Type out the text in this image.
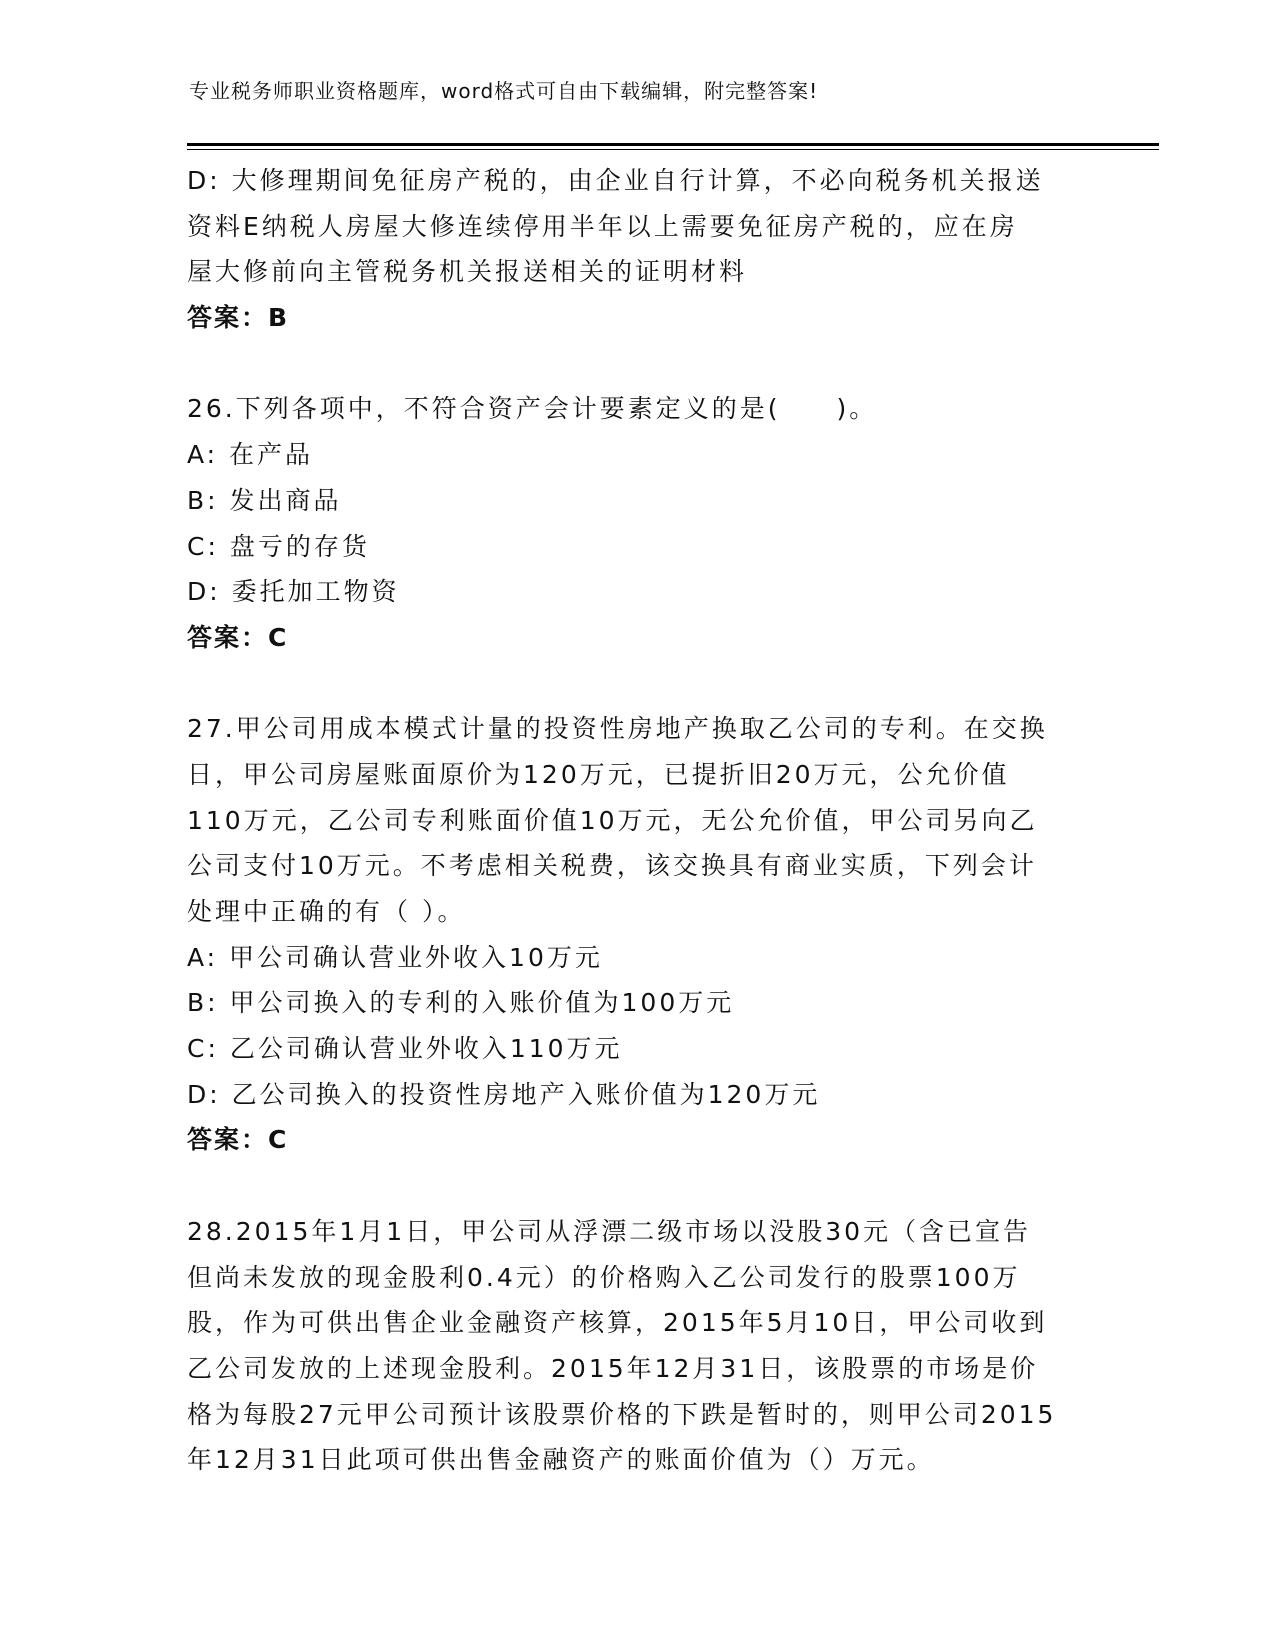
专业税务师职业资格题库，word格式可自由下载编辑，附完整答案!
D: 大修理期间免征房产税的，由企业自行计算，不必向税务机关报送
资料E纳税人房屋大修连续停用半年以上需要免征房产税的，应在房
屋大修前向主管税务机关报送相关的证明材料
答案：B
26.下列各项中，不符合资产会计要素定义的是(　　)。
A: 在产品
B: 发出商品
C: 盘亏的存货
D: 委托加工物资
答案：C
27.甲公司用成本模式计量的投资性房地产换取乙公司的专利。在交换
日，甲公司房屋账面原价为120万元，已提折旧20万元，公允价值
110万元，乙公司专利账面价值10万元，无公允价值，甲公司另向乙
公司支付10万元。不考虑相关税费，该交换具有商业实质，下列会计
处理中正确的有（ ）。
A: 甲公司确认营业外收入10万元
B: 甲公司换入的专利的入账价值为100万元
C: 乙公司确认营业外收入110万元
D: 乙公司换入的投资性房地产入账价值为120万元
答案：C
28.2015年1月1日，甲公司从浮漂二级市场以没股30元（含已宣告
但尚未发放的现金股利0.4元）的价格购入乙公司发行的股票100万
股，作为可供出售企业金融资产核算，2015年5月10日，甲公司收到
乙公司发放的上述现金股利。2015年12月31日，该股票的市场是价
格为每股27元甲公司预计该股票价格的下跌是暂时的，则甲公司2015
年12月31日此项可供出售金融资产的账面价值为（）万元。
